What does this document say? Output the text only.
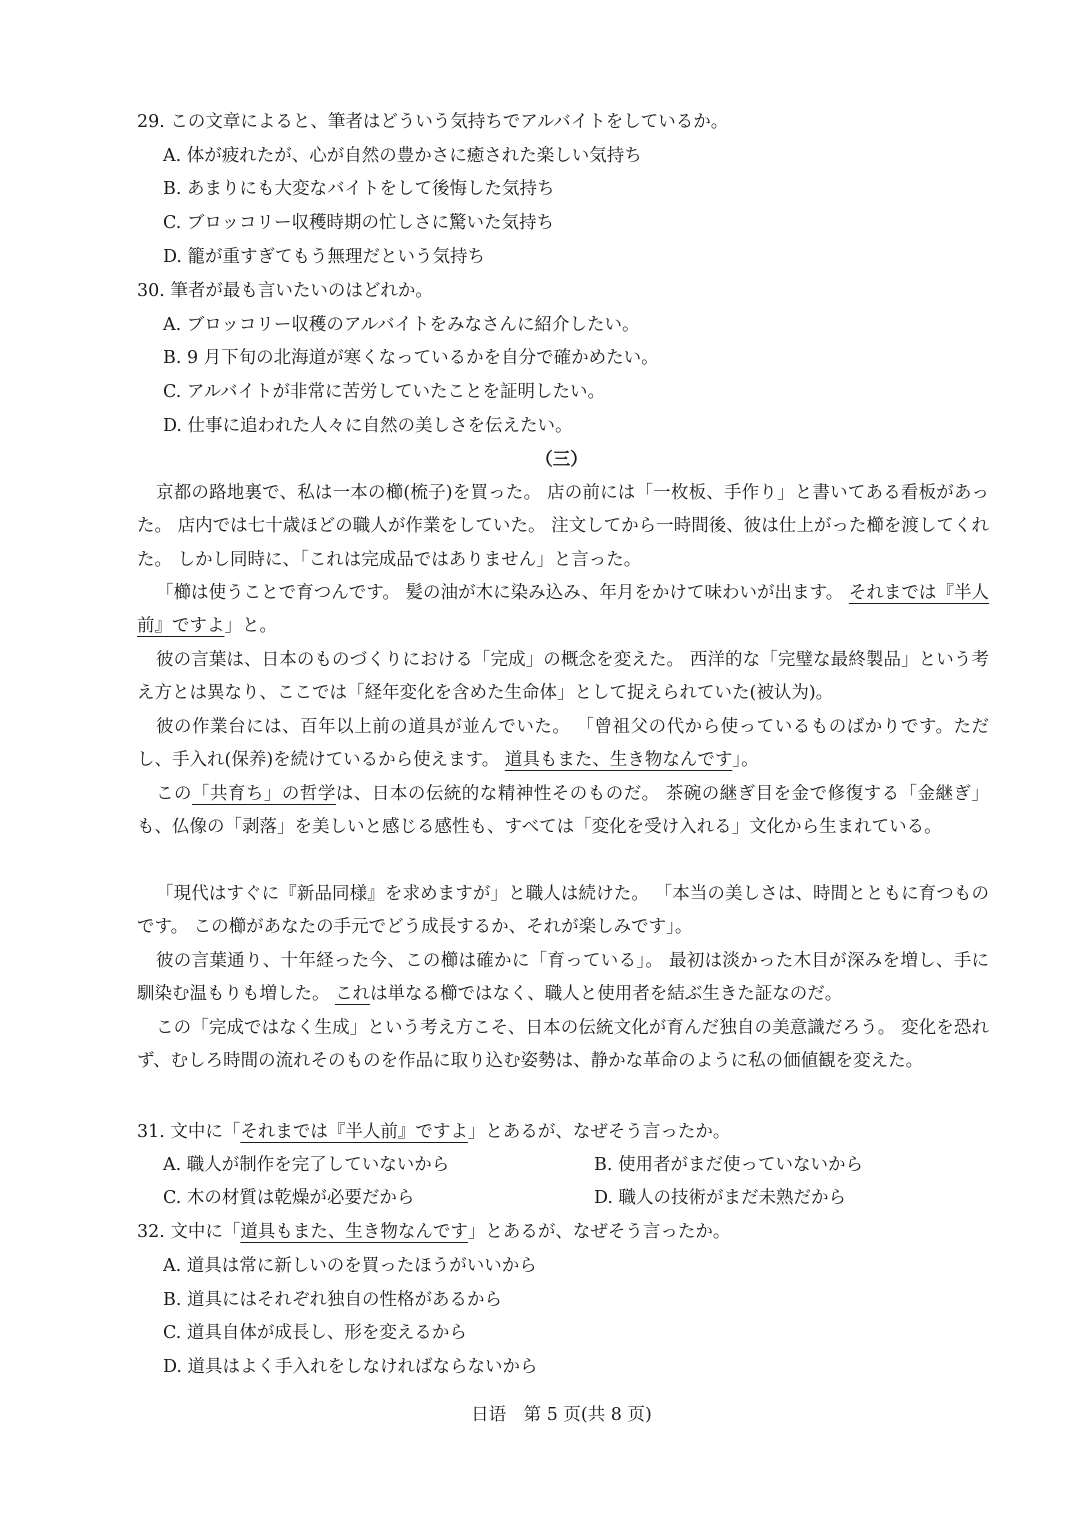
29. この文章によると、筆者はどういう気持ちでアルバイトをしているか。
A. 体が疲れたが、心が自然の豊かさに癒された楽しい気持ち
B. あまりにも大変なバイトをして後悔した気持ち
C. ブロッコリー収穫時期の忙しさに驚いた気持ち
D. 籠が重すぎてもう無理だという気持ち
30. 筆者が最も言いたいのはどれか。
A. ブロッコリー収穫のアルバイトをみなさんに紹介したい。
B. 9 月下旬の北海道が寒くなっているかを自分で確かめたい。
C. アルバイトが非常に苦労していたことを証明したい。
D. 仕事に追われた人々に自然の美しさを伝えたい。
（三）
京都の路地裏で、私は一本の櫛(梳子)を買った。 店の前には「一枚板、手作り」と書いてある看板があった。 店内では七十歳ほどの職人が作業をしていた。 注文してから一時間後、彼は仕上がった櫛を渡してくれた。 しかし同時に、「これは完成品ではありません」と言った。
「櫛は使うことで育つんです。 髪の油が木に染み込み、年月をかけて味わいが出ます。 それまでは『半人前』ですよ」と。
彼の言葉は、日本のものづくりにおける「完成」の概念を変えた。 西洋的な「完璧な最終製品」という考え方とは異なり、ここでは「経年変化を含めた生命体」として捉えられていた(被认为)。
彼の作業台には、百年以上前の道具が並んでいた。 「曾祖父の代から使っているものばかりです。ただし、手入れ(保养)を続けているから使えます。 道具もまた、生き物なんです」。
この「共育ち」の哲学は、日本の伝統的な精神性そのものだ。 茶碗の継ぎ目を金で修復する「金継ぎ」も、仏像の「剥落」を美しいと感じる感性も、すべては「変化を受け入れる」文化から生まれている。
「現代はすぐに『新品同様』を求めますが」と職人は続けた。 「本当の美しさは、時間とともに育つものです。 この櫛があなたの手元でどう成長するか、それが楽しみです」。
彼の言葉通り、十年経った今、この櫛は確かに「育っている」。 最初は淡かった木目が深みを増し、手に馴染む温もりも増した。 これは単なる櫛ではなく、職人と使用者を結ぶ生きた証なのだ。
この「完成ではなく生成」という考え方こそ、日本の伝統文化が育んだ独自の美意識だろう。 変化を恐れず、むしろ時間の流れそのものを作品に取り込む姿勢は、静かな革命のように私の価値観を変えた。
31. 文中に「それまでは『半人前』ですよ」とあるが、なぜそう言ったか。
A. 職人が制作を完了していないから	B. 使用者がまだ使っていないから
C. 木の材質は乾燥が必要だから	D. 職人の技術がまだ未熟だから
32. 文中に「道具もまた、生き物なんです」とあるが、なぜそう言ったか。
A. 道具は常に新しいのを買ったほうがいいから
B. 道具にはそれぞれ独自の性格があるから
C. 道具自体が成長し、形を変えるから
D. 道具はよく手入れをしなければならないから
日语　第 5 页(共 8 页)
